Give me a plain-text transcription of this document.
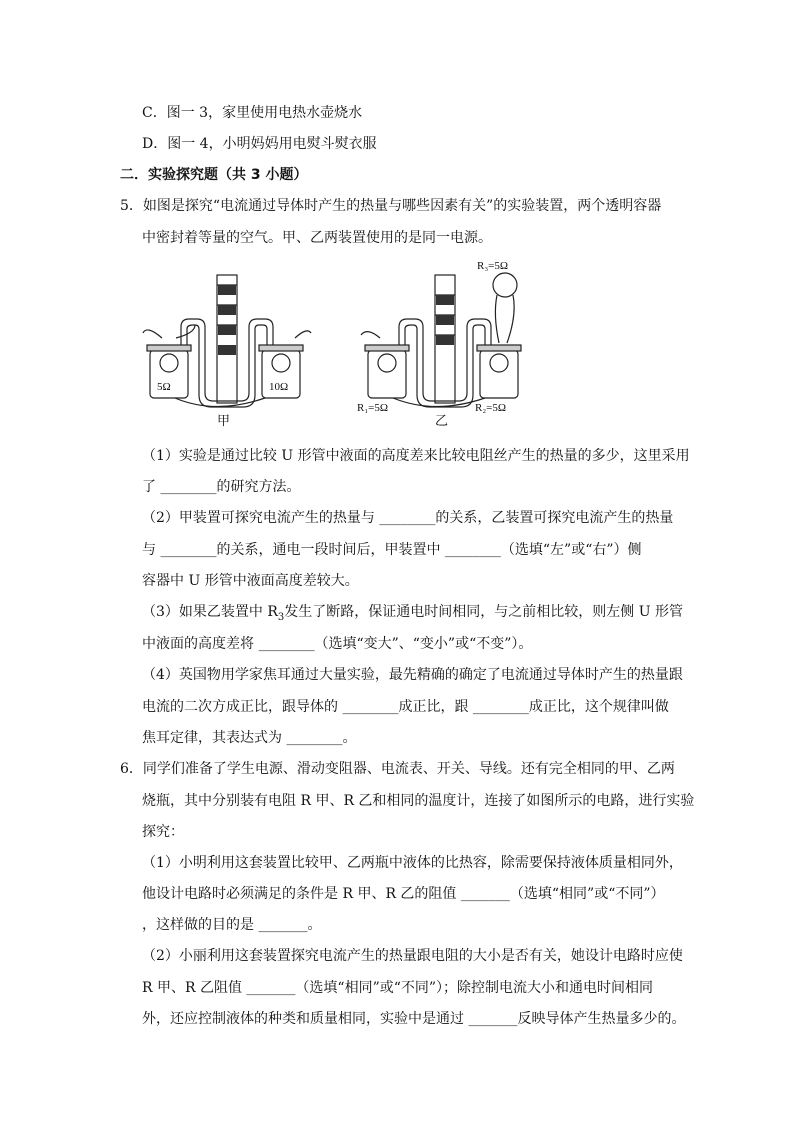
C．图一 3，家里使用电热水壶烧水
D．图一 4，小明妈妈用电熨斗熨衣服
二．实验探究题（共 3 小题）
5．如图是探究“电流通过导体时产生的热量与哪些因素有关”的实验装置，两个透明容器
中密封着等量的空气。甲、乙两装置使用的是同一电源。
5Ω	10Ω
甲
R₃=5Ω
R₁=5Ω	R₂=5Ω
乙
（1）实验是通过比较 U 形管中液面的高度差来比较电阻丝产生的热量的多少，这里采用
了 ________的研究方法。
（2）甲装置可探究电流产生的热量与 ________的关系，乙装置可探究电流产生的热量
与 ________的关系，通电一段时间后，甲装置中 ________（选填“左”或“右”）侧
容器中 U 形管中液面高度差较大。
（3）如果乙装置中 $R_3$发生了断路，保证通电时间相同，与之前相比较，则左侧 U 形管
中液面的高度差将 ________（选填“变大”、“变小”或“不变”）。
（4）英国物用学家焦耳通过大量实验，最先精确的确定了电流通过导体时产生的热量跟
电流的二次方成正比，跟导体的 ________成正比，跟 ________成正比，这个规律叫做
焦耳定律，其表达式为 ________。
6．同学们准备了学生电源、滑动变阻器、电流表、开关、导线。还有完全相同的甲、乙两
烧瓶，其中分别装有电阻 R 甲、R 乙和相同的温度计，连接了如图所示的电路，进行实验
探究：
（1）小明利用这套装置比较甲、乙两瓶中液体的比热容，除需要保持液体质量相同外，
他设计电路时必须满足的条件是 R 甲、R 乙的阻值 _______（选填“相同”或“不同”）
，这样做的目的是 _______。
（2）小丽利用这套装置探究电流产生的热量跟电阻的大小是否有关，她设计电路时应使
R 甲、R 乙阻值 _______（选填“相同”或“不同”）；除控制电流大小和通电时间相同
外，还应控制液体的种类和质量相同，实验中是通过 _______反映导体产生热量多少的。
